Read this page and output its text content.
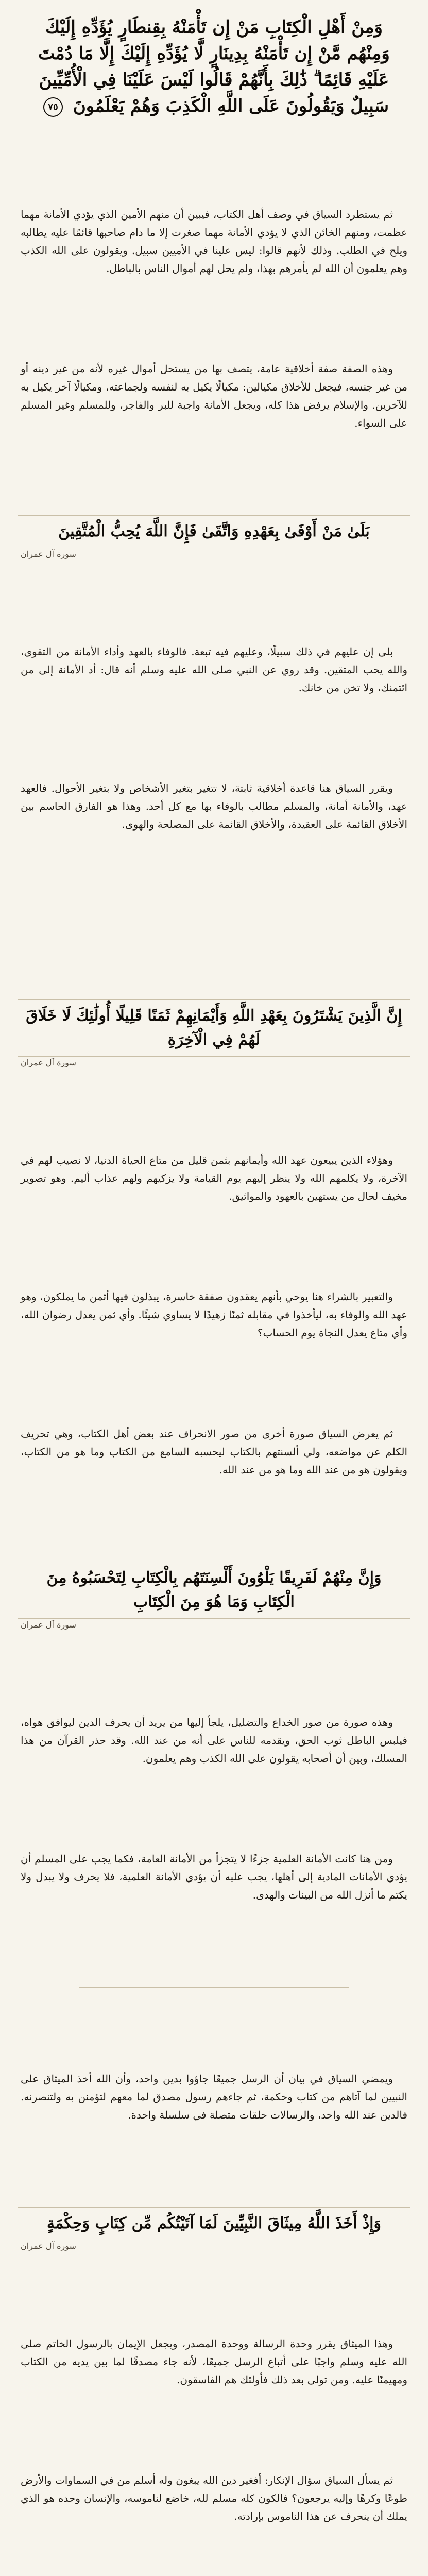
وَمِنْ أَهْلِ الْكِتَابِ مَنْ إِن تَأْمَنْهُ بِقِنطَارٍ يُؤَدِّهِ إِلَيْكَ وَمِنْهُم مَّنْ إِن تَأْمَنْهُ بِدِينَارٍ لَّا يُؤَدِّهِ إِلَيْكَ إِلَّا مَا دُمْتَ عَلَيْهِ قَائِمًا ۗ ذَٰلِكَ بِأَنَّهُمْ قَالُوا لَيْسَ عَلَيْنَا فِي الْأُمِّيِّينَ سَبِيلٌ وَيَقُولُونَ عَلَى اللَّهِ الْكَذِبَ وَهُمْ يَعْلَمُونَ ٧٥

ثم يستطرد السياق في وصف أهل الكتاب، فيبين أن منهم الأمين الذي يؤدي الأمانة مهما عظمت، ومنهم الخائن الذي لا يؤدي الأمانة مهما صغرت إلا ما دام صاحبها قائمًا عليه يطالبه ويلح في الطلب. وذلك لأنهم قالوا: ليس علينا في الأميين سبيل. ويقولون على الله الكذب وهم يعلمون أن الله لم يأمرهم بهذا، ولم يحل لهم أموال الناس بالباطل.

وهذه الصفة صفة أخلاقية عامة، يتصف بها من يستحل أموال غيره لأنه من غير دينه أو من غير جنسه، فيجعل للأخلاق مكيالين: مكيالًا يكيل به لنفسه ولجماعته، ومكيالًا آخر يكيل به للآخرين. والإسلام يرفض هذا كله، ويجعل الأمانة واجبة للبر والفاجر، وللمسلم وغير المسلم على السواء.

بَلَىٰ مَنْ أَوْفَىٰ بِعَهْدِهِ وَاتَّقَىٰ فَإِنَّ اللَّهَ يُحِبُّ الْمُتَّقِينَ
سورة آل عمران

بلى إن عليهم في ذلك سبيلًا، وعليهم فيه تبعة. فالوفاء بالعهد وأداء الأمانة من التقوى، والله يحب المتقين. وقد روي عن النبي صلى الله عليه وسلم أنه قال: أد الأمانة إلى من ائتمنك، ولا تخن من خانك.

ويقرر السياق هنا قاعدة أخلاقية ثابتة، لا تتغير بتغير الأشخاص ولا بتغير الأحوال. فالعهد عهد، والأمانة أمانة، والمسلم مطالب بالوفاء بها مع كل أحد. وهذا هو الفارق الحاسم بين الأخلاق القائمة على العقيدة، والأخلاق القائمة على المصلحة والهوى.

إِنَّ الَّذِينَ يَشْتَرُونَ بِعَهْدِ اللَّهِ وَأَيْمَانِهِمْ ثَمَنًا قَلِيلًا أُولَٰئِكَ لَا خَلَاقَ لَهُمْ فِي الْآخِرَةِ
سورة آل عمران

وهؤلاء الذين يبيعون عهد الله وأيمانهم بثمن قليل من متاع الحياة الدنيا، لا نصيب لهم في الآخرة، ولا يكلمهم الله ولا ينظر إليهم يوم القيامة ولا يزكيهم ولهم عذاب أليم. وهو تصوير مخيف لحال من يستهين بالعهود والمواثيق.

والتعبير بالشراء هنا يوحي بأنهم يعقدون صفقة خاسرة، يبذلون فيها أثمن ما يملكون، وهو عهد الله والوفاء به، ليأخذوا في مقابله ثمنًا زهيدًا لا يساوي شيئًا. وأي ثمن يعدل رضوان الله، وأي متاع يعدل النجاة يوم الحساب؟

ثم يعرض السياق صورة أخرى من صور الانحراف عند بعض أهل الكتاب، وهي تحريف الكلم عن مواضعه، ولي ألسنتهم بالكتاب ليحسبه السامع من الكتاب وما هو من الكتاب، ويقولون هو من عند الله وما هو من عند الله.

وَإِنَّ مِنْهُمْ لَفَرِيقًا يَلْوُونَ أَلْسِنَتَهُم بِالْكِتَابِ لِتَحْسَبُوهُ مِنَ الْكِتَابِ وَمَا هُوَ مِنَ الْكِتَابِ
سورة آل عمران

وهذه صورة من صور الخداع والتضليل، يلجأ إليها من يريد أن يحرف الدين ليوافق هواه، فيلبس الباطل ثوب الحق، ويقدمه للناس على أنه من عند الله. وقد حذر القرآن من هذا المسلك، وبين أن أصحابه يقولون على الله الكذب وهم يعلمون.

ومن هنا كانت الأمانة العلمية جزءًا لا يتجزأ من الأمانة العامة، فكما يجب على المسلم أن يؤدي الأمانات المادية إلى أهلها، يجب عليه أن يؤدي الأمانة العلمية، فلا يحرف ولا يبدل ولا يكتم ما أنزل الله من البينات والهدى.

ويمضي السياق في بيان أن الرسل جميعًا جاؤوا بدين واحد، وأن الله أخذ الميثاق على النبيين لما آتاهم من كتاب وحكمة، ثم جاءهم رسول مصدق لما معهم لتؤمنن به ولتنصرنه. فالدين عند الله واحد، والرسالات حلقات متصلة في سلسلة واحدة.

وَإِذْ أَخَذَ اللَّهُ مِيثَاقَ النَّبِيِّينَ لَمَا آتَيْتُكُم مِّن كِتَابٍ وَحِكْمَةٍ
سورة آل عمران

وهذا الميثاق يقرر وحدة الرسالة ووحدة المصدر، ويجعل الإيمان بالرسول الخاتم صلى الله عليه وسلم واجبًا على أتباع الرسل جميعًا، لأنه جاء مصدقًا لما بين يديه من الكتاب ومهيمنًا عليه. ومن تولى بعد ذلك فأولئك هم الفاسقون.

ثم يسأل السياق سؤال الإنكار: أفغير دين الله يبغون وله أسلم من في السماوات والأرض طوعًا وكرهًا وإليه يرجعون؟ فالكون كله مسلم لله، خاضع لناموسه، والإنسان وحده هو الذي يملك أن ينحرف عن هذا الناموس بإرادته.
